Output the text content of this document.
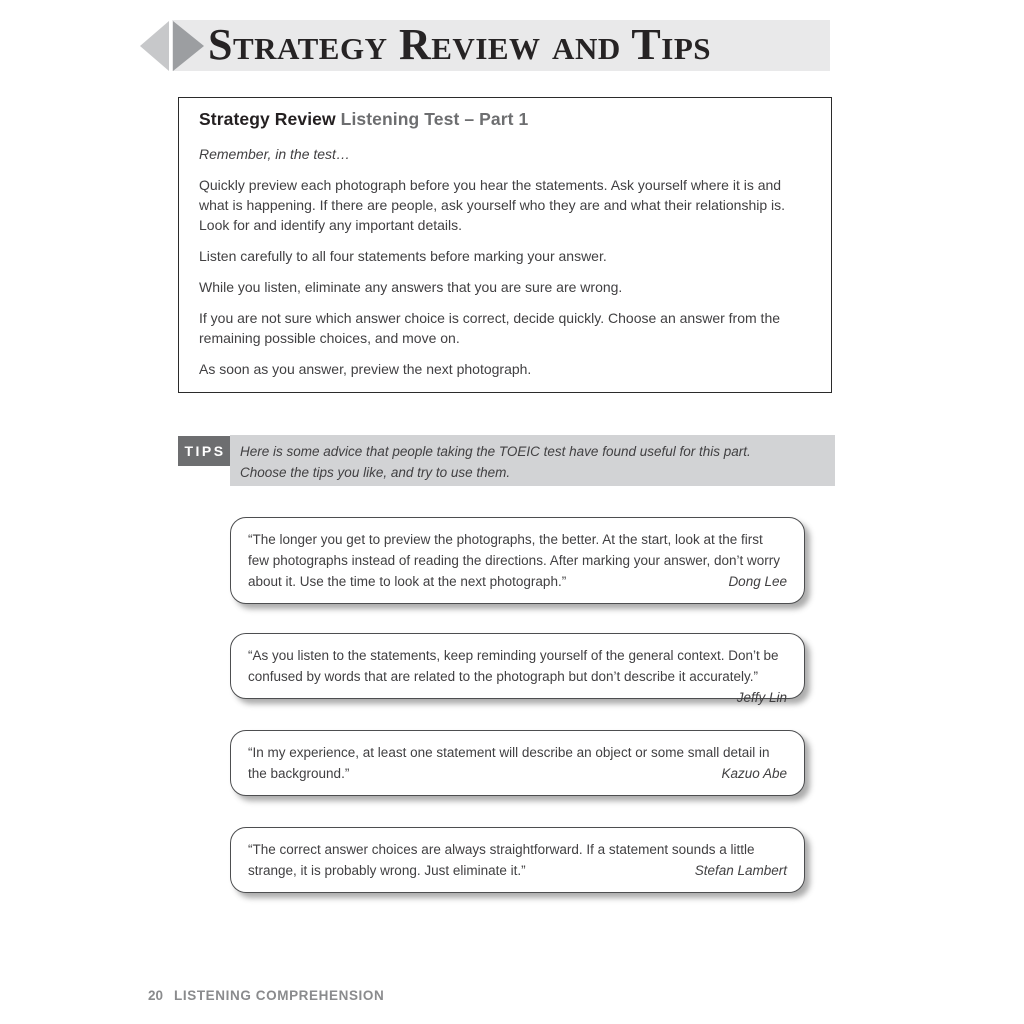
Strategy Review and Tips
Strategy Review Listening Test – Part 1

Remember, in the test…

Quickly preview each photograph before you hear the statements. Ask yourself where it is and what is happening. If there are people, ask yourself who they are and what their relationship is. Look for and identify any important details.

Listen carefully to all four statements before marking your answer.

While you listen, eliminate any answers that you are sure are wrong.

If you are not sure which answer choice is correct, decide quickly. Choose an answer from the remaining possible choices, and move on.

As soon as you answer, preview the next photograph.

TIPS	Here is some advice that people taking the TOEIC test have found useful for this part. Choose the tips you like, and try to use them.

“The longer you get to preview the photographs, the better. At the start, look at the first few photographs instead of reading the directions. After marking your answer, don’t worry about it. Use the time to look at the next photograph.”	Dong Lee

“As you listen to the statements, keep reminding yourself of the general context. Don’t be confused by words that are related to the photograph but don’t describe it accurately.”
Jeffy Lin

“In my experience, at least one statement will describe an object or some small detail in the background.”	Kazuo Abe

“The correct answer choices are always straightforward. If a statement sounds a little strange, it is probably wrong. Just eliminate it.”	Stefan Lambert

20 LISTENING COMPREHENSION
